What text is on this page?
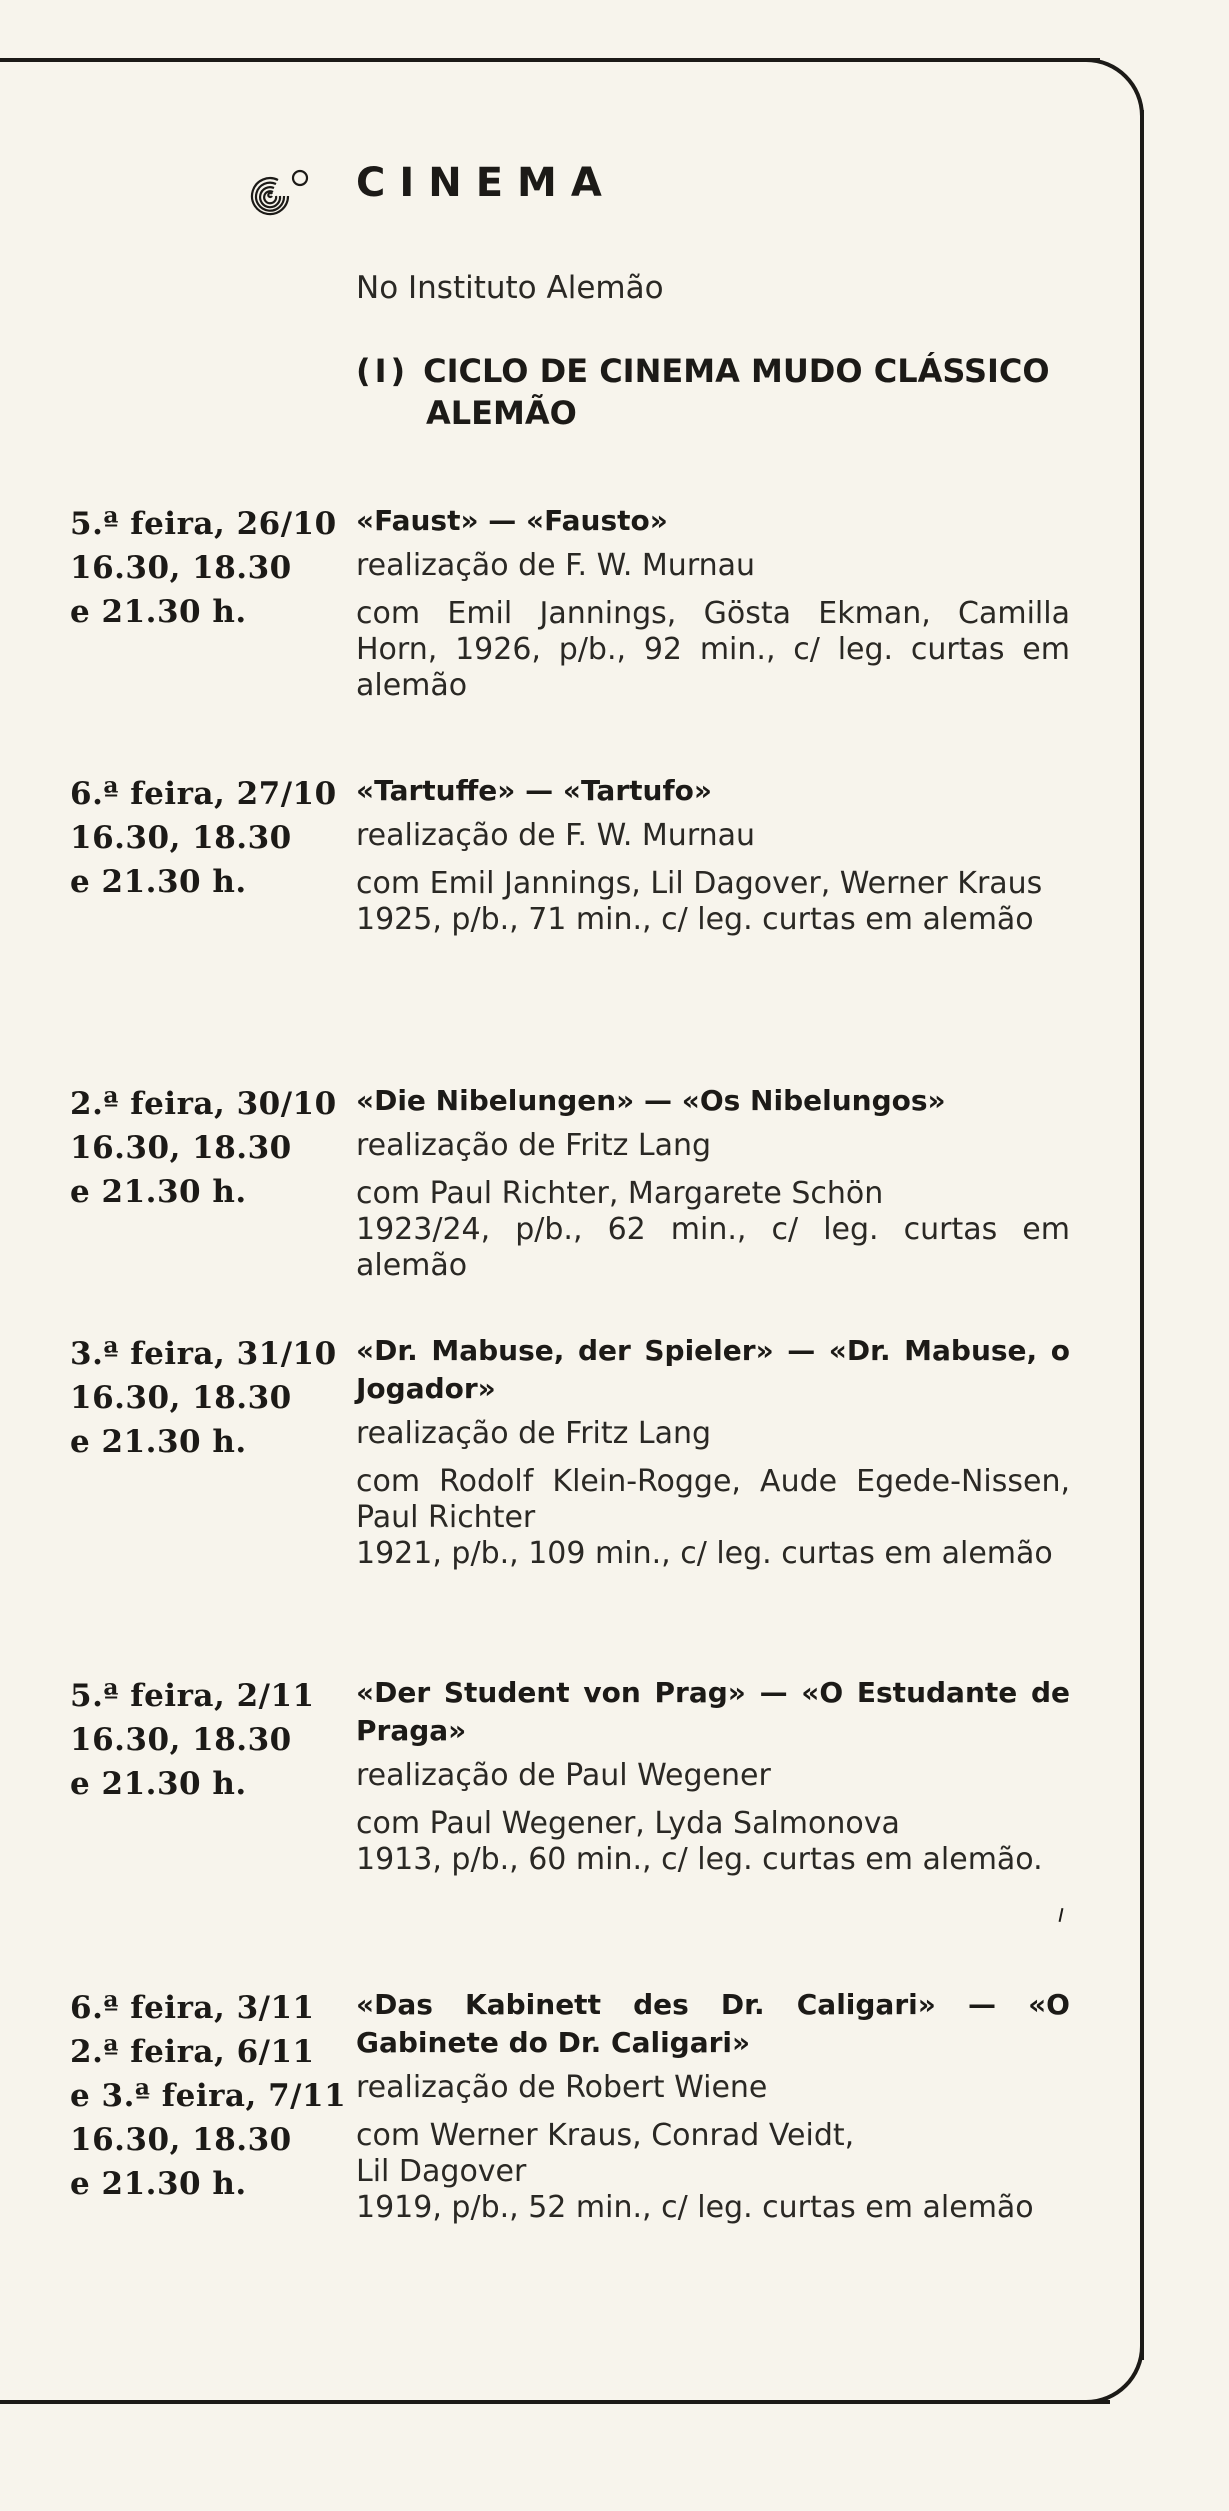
CINEMA
No Instituto Alemão
(I) CICLO DE CINEMA MUDO CLÁSSICO
ALEMÃO
5.ª feira, 26/10
16.30, 18.30
e 21.30 h.
«Faust» — «Fausto»
realização de F. W. Murnau
com Emil Jannings, Gösta Ekman, Camilla Horn, 1926, p/b., 92 min., c/ leg. curtas em alemão
6.ª feira, 27/10
16.30, 18.30
e 21.30 h.
«Tartuffe» — «Tartufo»
realização de F. W. Murnau
com Emil Jannings, Lil Dagover, Werner Kraus
1925, p/b., 71 min., c/ leg. curtas em alemão
2.ª feira, 30/10
16.30, 18.30
e 21.30 h.
«Die Nibelungen» — «Os Nibelungos»
realização de Fritz Lang
com Paul Richter, Margarete Schön
1923/24, p/b., 62 min., c/ leg. curtas em alemão
3.ª feira, 31/10
16.30, 18.30
e 21.30 h.
«Dr. Mabuse, der Spieler» — «Dr. Mabuse, o Jogador»
realização de Fritz Lang
com Rodolf Klein-Rogge, Aude Egede-Nissen, Paul Richter
1921, p/b., 109 min., c/ leg. curtas em alemão
5.ª feira, 2/11
16.30, 18.30
e 21.30 h.
«Der Student von Prag» — «O Estudante de Praga»
realização de Paul Wegener
com Paul Wegener, Lyda Salmonova
1913, p/b., 60 min., c/ leg. curtas em alemão.
6.ª feira, 3/11
2.ª feira, 6/11
e 3.ª feira, 7/11
16.30, 18.30
e 21.30 h.
«Das Kabinett des Dr. Caligari» — «O Gabinete do Dr. Caligari»
realização de Robert Wiene
com Werner Kraus, Conrad Veidt,
Lil Dagover
1919, p/b., 52 min., c/ leg. curtas em alemão
